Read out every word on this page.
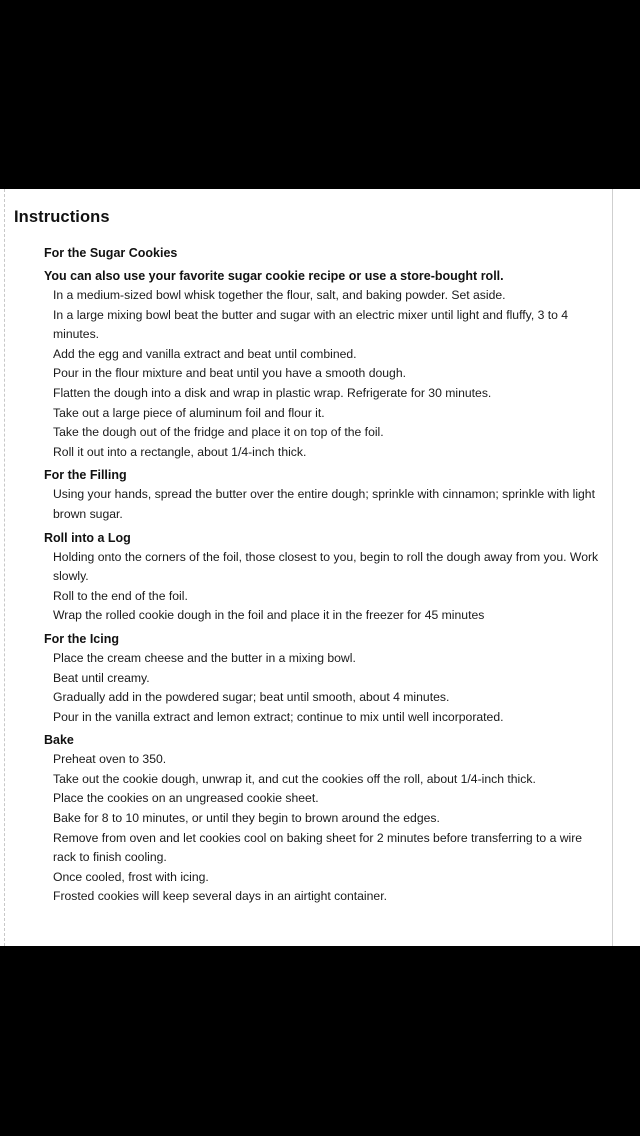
Instructions
For the Sugar Cookies
You can also use your favorite sugar cookie recipe or use a store-bought roll.
In a medium-sized bowl whisk together the flour, salt, and baking powder. Set aside.
In a large mixing bowl beat the butter and sugar with an electric mixer until light and fluffy, 3 to 4 minutes.
Add the egg and vanilla extract and beat until combined.
Pour in the flour mixture and beat until you have a smooth dough.
Flatten the dough into a disk and wrap in plastic wrap. Refrigerate for 30 minutes.
Take out a large piece of aluminum foil and flour it.
Take the dough out of the fridge and place it on top of the foil.
Roll it out into a rectangle, about 1/4-inch thick.
For the Filling
Using your hands, spread the butter over the entire dough; sprinkle with cinnamon; sprinkle with light brown sugar.
Roll into a Log
Holding onto the corners of the foil, those closest to you, begin to roll the dough away from you. Work slowly.
Roll to the end of the foil.
Wrap the rolled cookie dough in the foil and place it in the freezer for 45 minutes
For the Icing
Place the cream cheese and the butter in a mixing bowl.
Beat until creamy.
Gradually add in the powdered sugar; beat until smooth, about 4 minutes.
Pour in the vanilla extract and lemon extract; continue to mix until well incorporated.
Bake
Preheat oven to 350.
Take out the cookie dough, unwrap it, and cut the cookies off the roll, about 1/4-inch thick.
Place the cookies on an ungreased cookie sheet.
Bake for 8 to 10 minutes, or until they begin to brown around the edges.
Remove from oven and let cookies cool on baking sheet for 2 minutes before transferring to a wire rack to finish cooling.
Once cooled, frost with icing.
Frosted cookies will keep several days in an airtight container.
